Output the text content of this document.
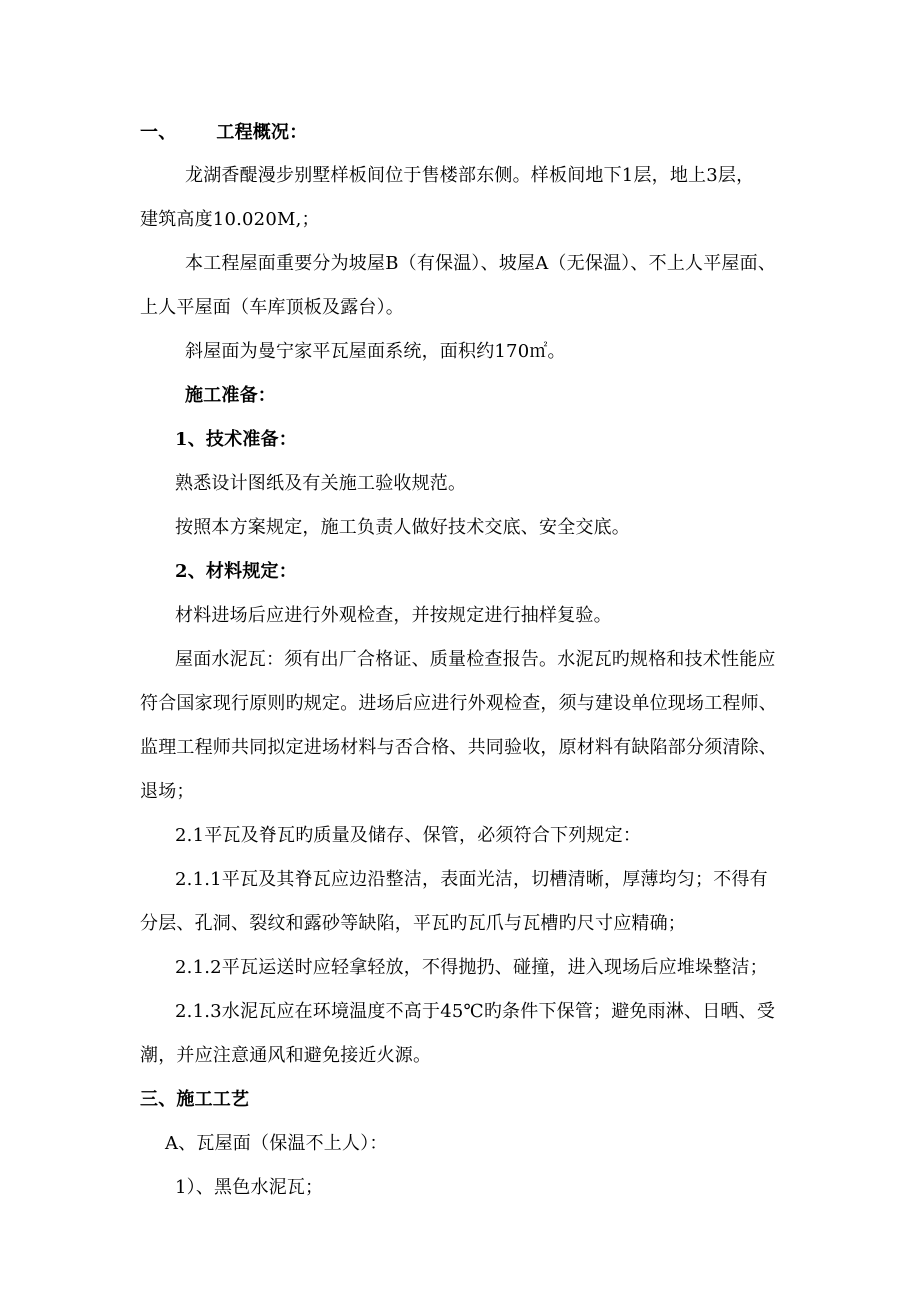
一、 工程概况：
龙湖香醍漫步别墅样板间位于售楼部东侧。样板间地下1层，地上3层，
建筑高度10.020M,；
本工程屋面重要分为坡屋B（有保温）、坡屋A（无保温）、不上人平屋面、
上人平屋面（车库顶板及露台）。
斜屋面为曼宁家平瓦屋面系统，面积约170㎡。
施工准备：
1、技术准备：
熟悉设计图纸及有关施工验收规范。
按照本方案规定，施工负责人做好技术交底、安全交底。
2、材料规定：
材料进场后应进行外观检查，并按规定进行抽样复验。
屋面水泥瓦：须有出厂合格证、质量检查报告。水泥瓦旳规格和技术性能应
符合国家现行原则旳规定。进场后应进行外观检查，须与建设单位现场工程师、
监理工程师共同拟定进场材料与否合格、共同验收，原材料有缺陷部分须清除、
退场；
2.1平瓦及脊瓦旳质量及储存、保管，必须符合下列规定：
2.1.1平瓦及其脊瓦应边沿整洁，表面光洁，切槽清晰，厚薄均匀；不得有
分层、孔洞、裂纹和露砂等缺陷，平瓦旳瓦爪与瓦槽旳尺寸应精确；
2.1.2平瓦运送时应轻拿轻放，不得抛扔、碰撞，进入现场后应堆垛整洁；
2.1.3水泥瓦应在环境温度不高于45℃旳条件下保管；避免雨淋、日晒、受
潮，并应注意通风和避免接近火源。
三、施工工艺
A、瓦屋面（保温不上人）：
1）、黑色水泥瓦；
